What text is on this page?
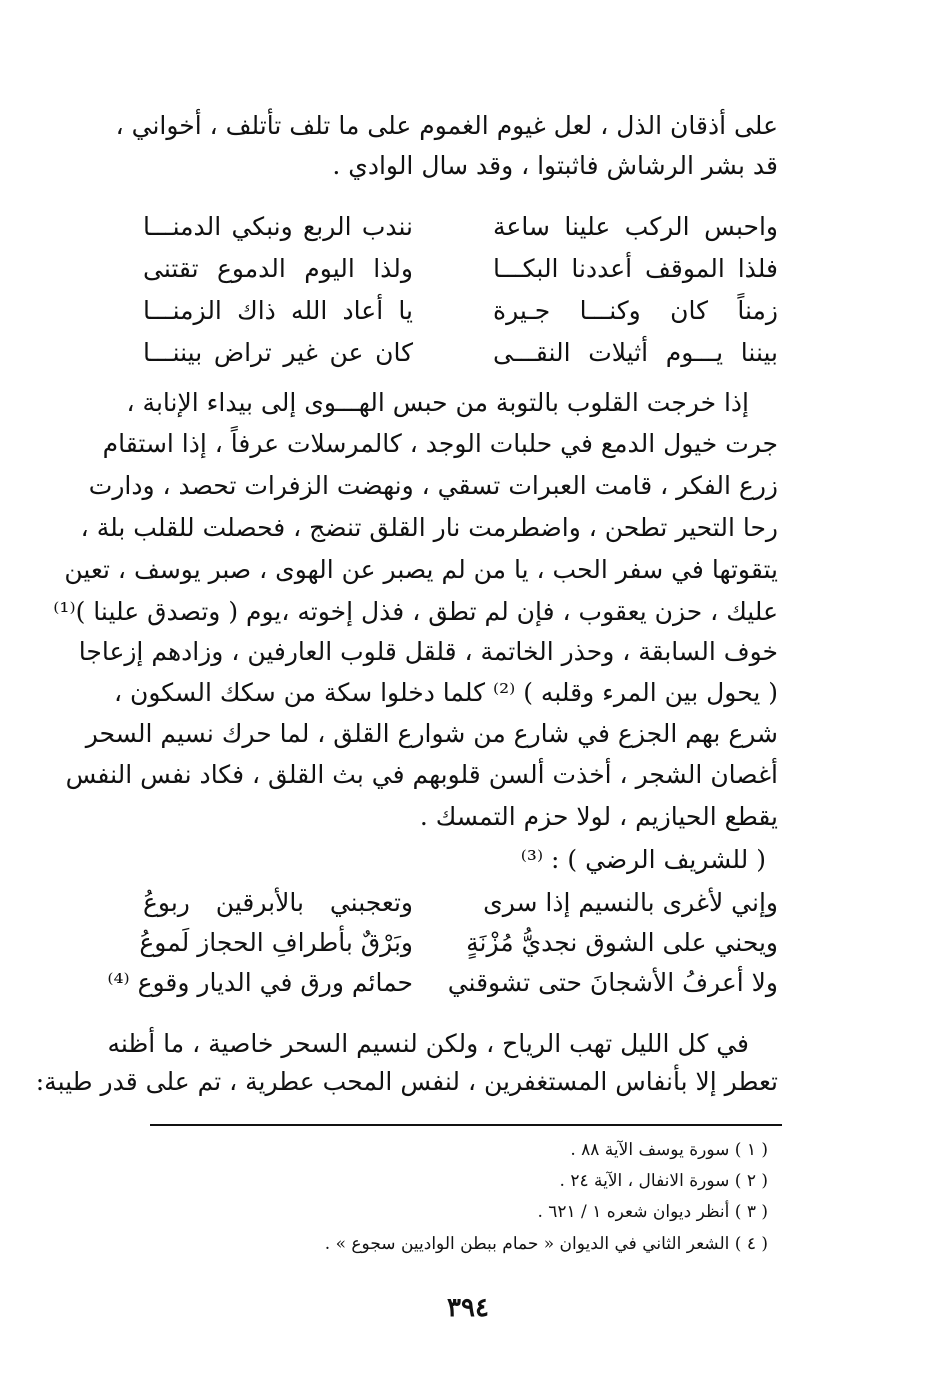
على أذقان الذل ، لعل غيوم الغموم على ما تلف تأتلف ، أخواني ،
قد بشر الرشاش فاثبتوا ، وقد سال الوادي .
واحبس الركب علينا ساعة
نندب الربع ونبكي الدمنـــا
فلذا الموقف أعددنا البكـــا
ولذا اليوم الدموع تقتنى
زمناً كان وكنـــا جـيرة
يا أعاد الله ذاك الزمنـــا
بيننا يـــوم أثيلات النقـــى
كان عن غير تراض بيننـــا
إذا خرجت القلوب بالتوبة من حبس الهـــوى إلى بيداء الإنابة ،
جرت خيول الدمع في حلبات الوجد ، كالمرسلات عرفاً ، إذا استقام
زرع الفكر ، قامت العبرات تسقي ، ونهضت الزفرات تحصد ، ودارت
رحا التحير تطحن ، واضطرمت نار القلق تنضج ، فحصلت للقلب بلة ،
يتقوتها في سفر الحب ، يا من لم يصبر عن الهوى ، صبر يوسف ، تعين
عليك ، حزن يعقوب ، فإن لم تطق ، فذل إخوته ،يوم ( وتصدق علينا )⁽¹⁾
خوف السابقة ، وحذر الخاتمة ، قلقل قلوب العارفين ، وزادهم إزعاجا
( يحول بين المرء وقلبه ) ⁽²⁾ كلما دخلوا سكة من سكك السكون ،
شرع بهم الجزع في شارع من شوارع القلق ، لما حرك نسيم السحر
أغصان الشجر ، أخذت ألسن قلوبهم في بث القلق ، فكاد نفس النفس
يقطع الحيازيم ، لولا حزم التمسك .
( للشريف الرضي ) : ⁽³⁾
وإني لأغرى بالنسيم إذا سرى
وتعجبني بالأبرقين ربوعُ
ويحني على الشوق نجديُّ مُزْنَةٍ
وبَرْقٌ بأطرافِ الحجاز لَموعُ
ولا أعرفُ الأشجانَ حتى تشوقني
حمائم ورق في الديار وقوع ⁽⁴⁾
في كل الليل تهب الرياح ، ولكن لنسيم السحر خاصية ، ما أظنه
تعطر إلا بأنفاس المستغفرين ، لنفس المحب عطرية ، تم على قدر طيبة:
( ١ ) سورة يوسف الآية ٨٨ .
( ٢ ) سورة الانفال ، الآية ٢٤ .
( ٣ ) أنظر ديوان شعره ١ / ٦٢١ .
( ٤ ) الشعر الثاني في الديوان « حمام ببطن الواديين سجوع » .
٣٩٤
